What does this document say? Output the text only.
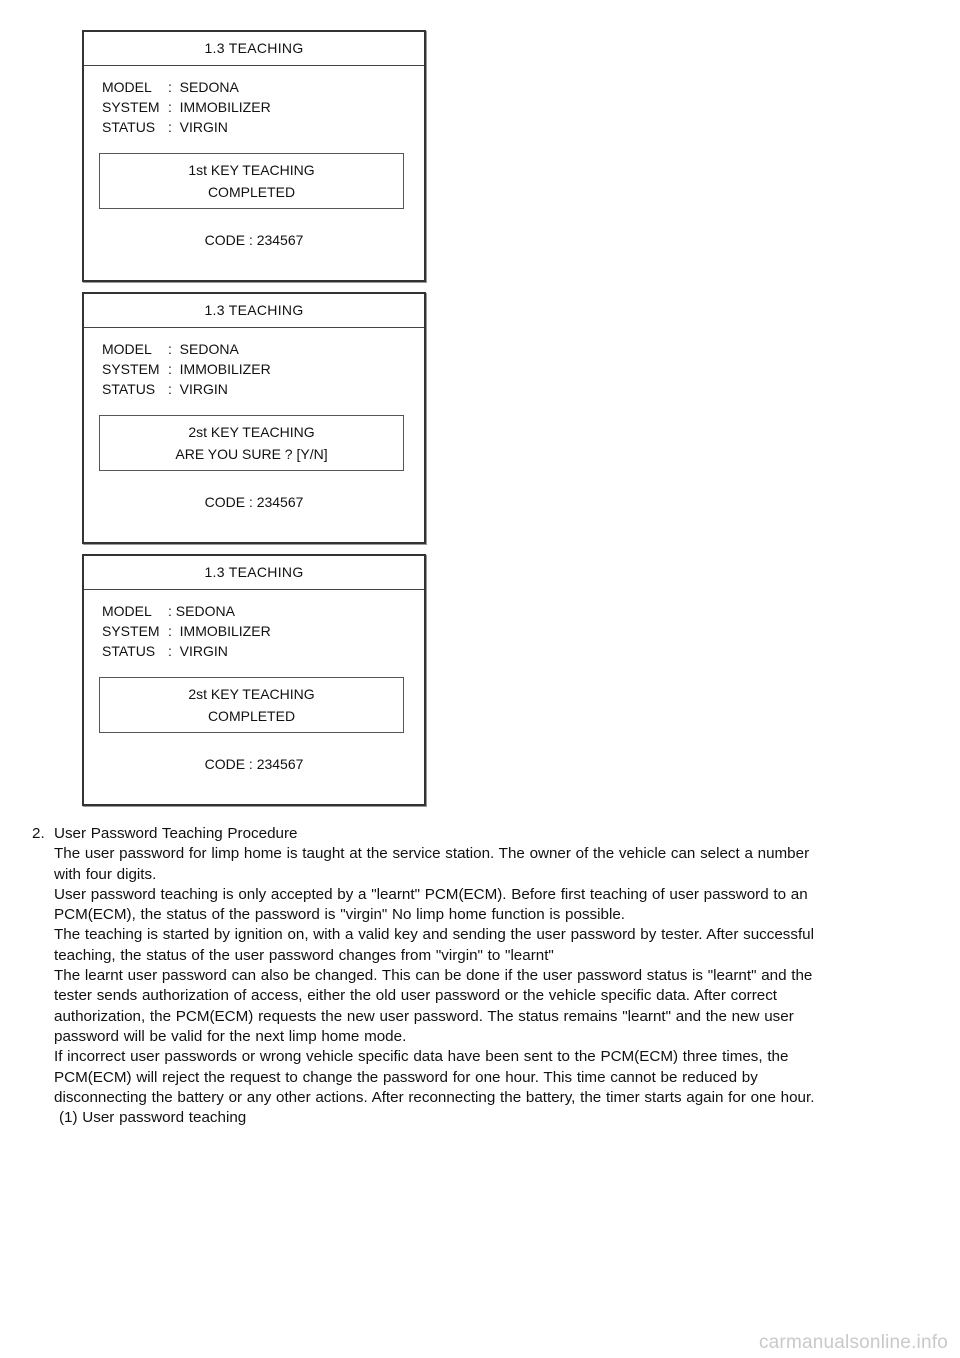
1.3 TEACHING
MODEL :  SEDONA
SYSTEM :  IMMOBILIZER
STATUS :  VIRGIN
1st KEY TEACHING
COMPLETED
CODE : 234567
1.3 TEACHING
MODEL :  SEDONA
SYSTEM :  IMMOBILIZER
STATUS :  VIRGIN
2st KEY TEACHING
ARE YOU SURE ? [Y/N]
CODE : 234567
1.3 TEACHING
MODEL : SEDONA
SYSTEM :  IMMOBILIZER
STATUS :  VIRGIN
2st KEY TEACHING
COMPLETED
CODE : 234567
2. User Password Teaching Procedure
The user password for limp home is taught at the service station. The owner of the vehicle can select a number
with four digits.
User password teaching is only accepted by a "learnt" PCM(ECM). Before first teaching of user password to an
PCM(ECM), the status of the password is "virgin" No limp home function is possible.
The teaching is started by ignition on, with a valid key and sending the user password by tester. After successful
teaching, the status of the user password changes from "virgin" to "learnt"
The learnt user password can also be changed. This can be done if the user password status is "learnt" and the
tester sends authorization of access, either the old user password or the vehicle specific data. After correct
authorization, the PCM(ECM) requests the new user password. The status remains "learnt" and the new user
password will be valid for the next limp home mode.
If incorrect user passwords or wrong vehicle specific data have been sent to the PCM(ECM) three times, the
PCM(ECM) will reject the request to change the password for one hour. This time cannot be reduced by
disconnecting the battery or any other actions. After reconnecting the battery, the timer starts again for one hour.
(1) User password teaching
carmanualsonline.info
